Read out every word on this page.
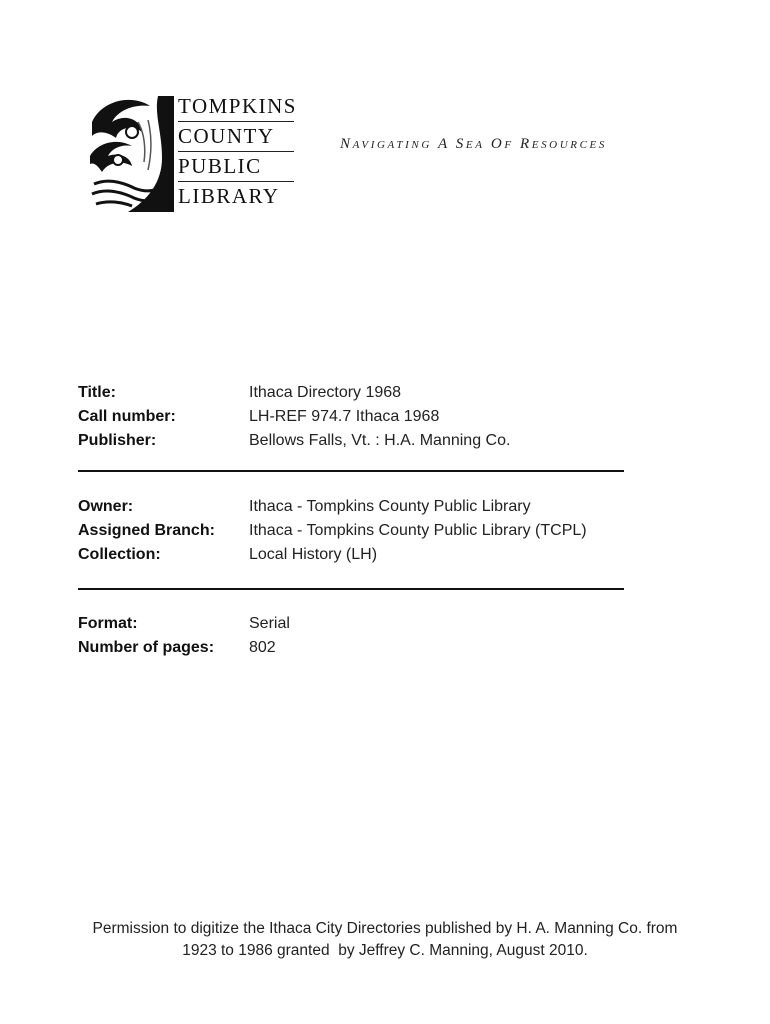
TOMPKINS
COUNTY
PUBLIC
LIBRARY
Navigating A Sea Of Resources
Title:	Ithaca Directory 1968
Call number:	LH-REF 974.7 Ithaca 1968
Publisher:	Bellows Falls, Vt. : H.A. Manning Co.
Owner:	Ithaca - Tompkins County Public Library
Assigned Branch:	Ithaca - Tompkins County Public Library (TCPL)
Collection:	Local History (LH)
Format:	Serial
Number of pages:	802
Permission to digitize the Ithaca City Directories published by H. A. Manning Co. from
1923 to 1986 granted  by Jeffrey C. Manning, August 2010.
